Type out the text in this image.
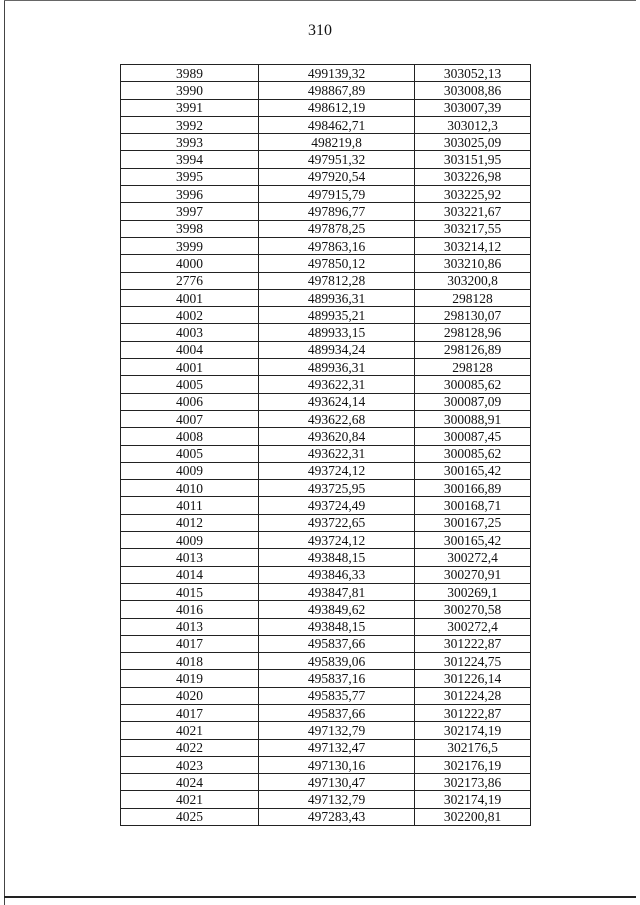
310
3989	499139,32	303052,13
3990	498867,89	303008,86
3991	498612,19	303007,39
3992	498462,71	303012,3
3993	498219,8	303025,09
3994	497951,32	303151,95
3995	497920,54	303226,98
3996	497915,79	303225,92
3997	497896,77	303221,67
3998	497878,25	303217,55
3999	497863,16	303214,12
4000	497850,12	303210,86
2776	497812,28	303200,8
4001	489936,31	298128
4002	489935,21	298130,07
4003	489933,15	298128,96
4004	489934,24	298126,89
4001	489936,31	298128
4005	493622,31	300085,62
4006	493624,14	300087,09
4007	493622,68	300088,91
4008	493620,84	300087,45
4005	493622,31	300085,62
4009	493724,12	300165,42
4010	493725,95	300166,89
4011	493724,49	300168,71
4012	493722,65	300167,25
4009	493724,12	300165,42
4013	493848,15	300272,4
4014	493846,33	300270,91
4015	493847,81	300269,1
4016	493849,62	300270,58
4013	493848,15	300272,4
4017	495837,66	301222,87
4018	495839,06	301224,75
4019	495837,16	301226,14
4020	495835,77	301224,28
4017	495837,66	301222,87
4021	497132,79	302174,19
4022	497132,47	302176,5
4023	497130,16	302176,19
4024	497130,47	302173,86
4021	497132,79	302174,19
4025	497283,43	302200,81
